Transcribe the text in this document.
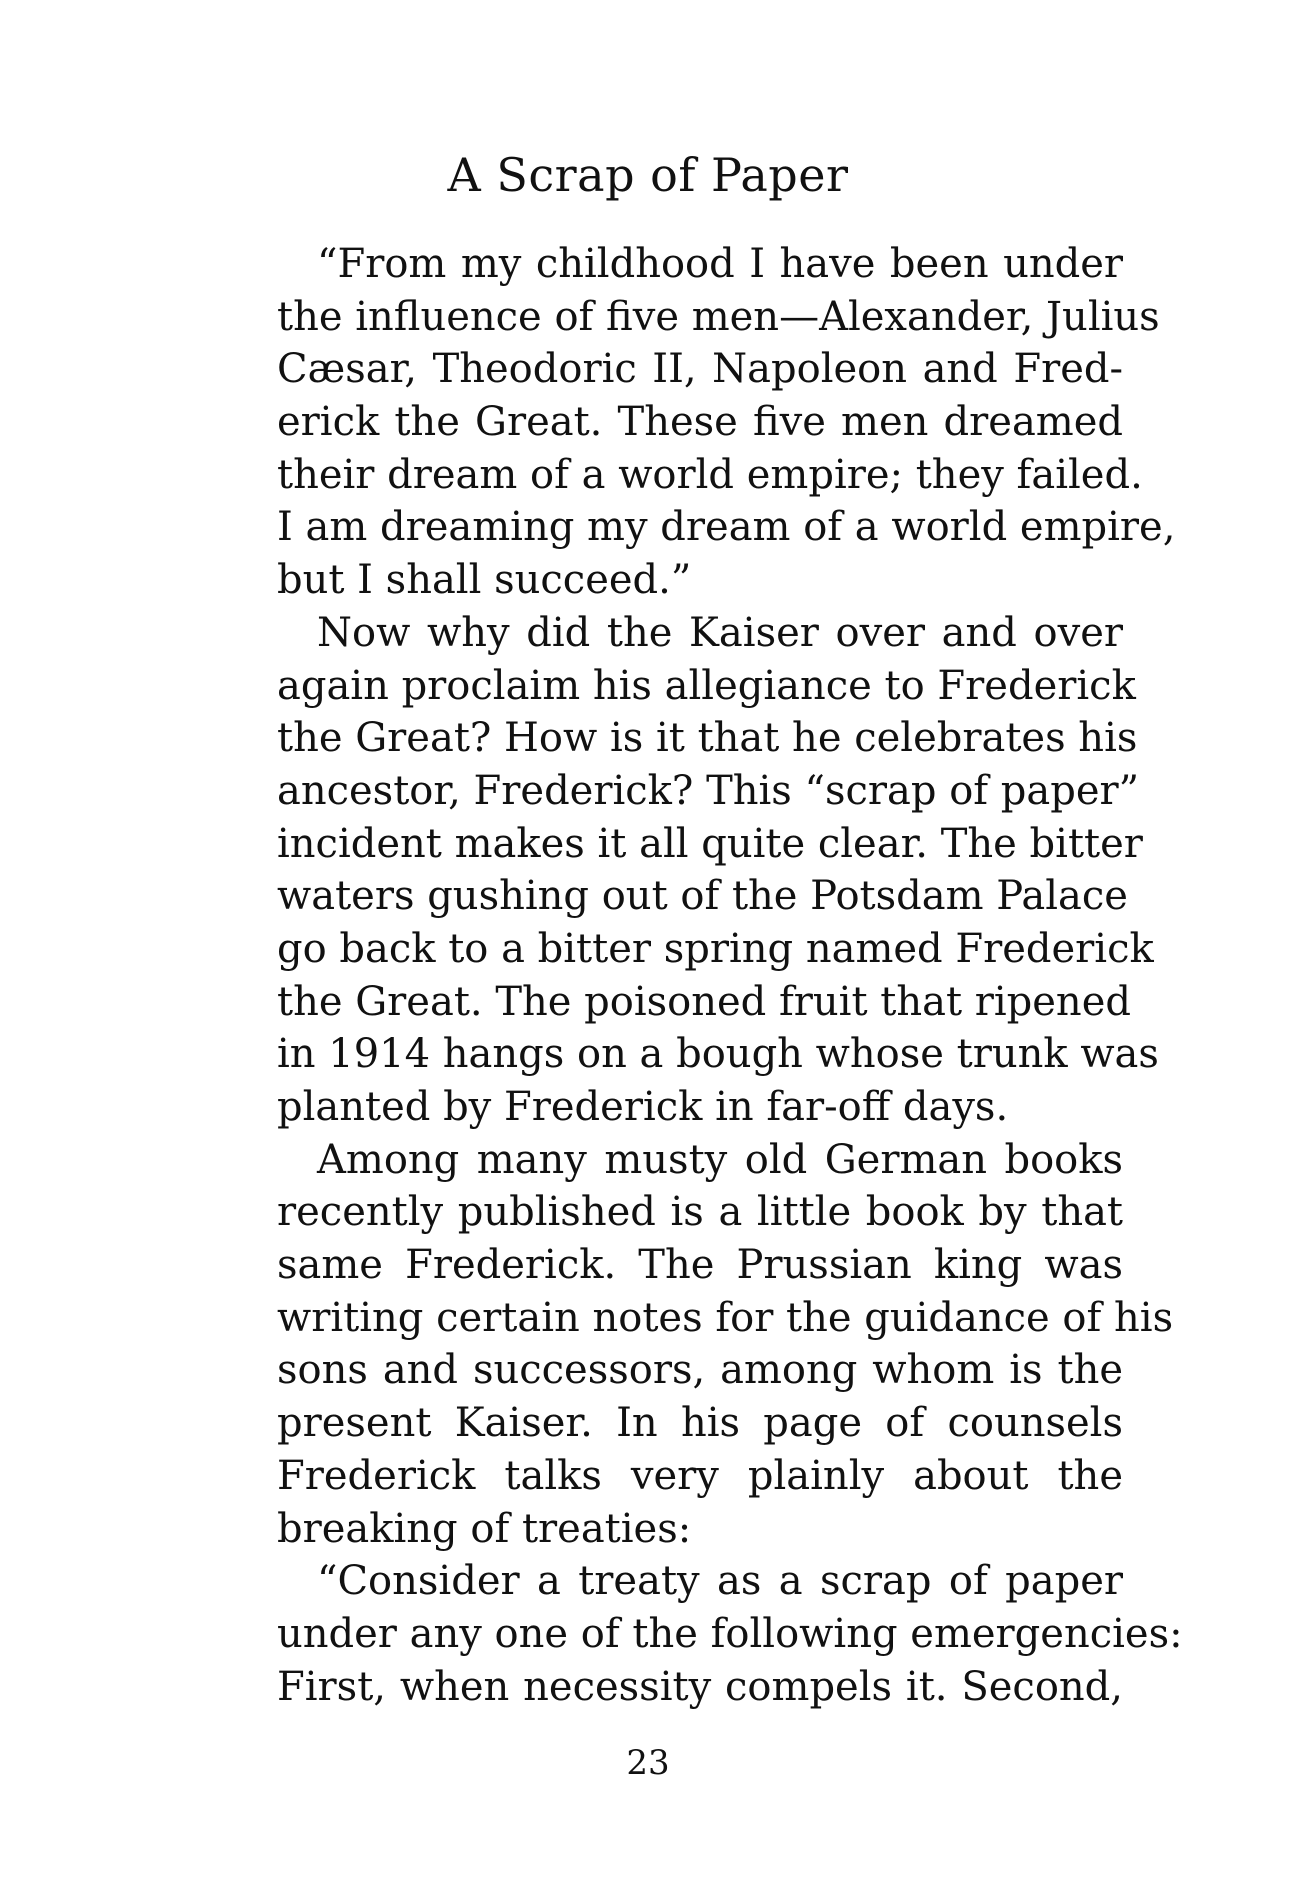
A Scrap of Paper
“From my childhood I have been under
the influence of five men—Alexander, Julius
Cæsar, Theodoric II, Napoleon and Fred-
erick the Great. These five men dreamed
their dream of a world empire; they failed.
I am dreaming my dream of a world empire,
but I shall succeed.”
Now why did the Kaiser over and over
again proclaim his allegiance to Frederick
the Great? How is it that he celebrates his
ancestor, Frederick? This “scrap of paper”
incident makes it all quite clear. The bitter
waters gushing out of the Potsdam Palace
go back to a bitter spring named Frederick
the Great. The poisoned fruit that ripened
in 1914 hangs on a bough whose trunk was
planted by Frederick in far-off days.
Among many musty old German books
recently published is a little book by that
same Frederick. The Prussian king was
writing certain notes for the guidance of his
sons and successors, among whom is the
present Kaiser. In his page of counsels
Frederick talks very plainly about the
breaking of treaties:
“Consider a treaty as a scrap of paper
under any one of the following emergencies:
First, when necessity compels it. Second,
23
